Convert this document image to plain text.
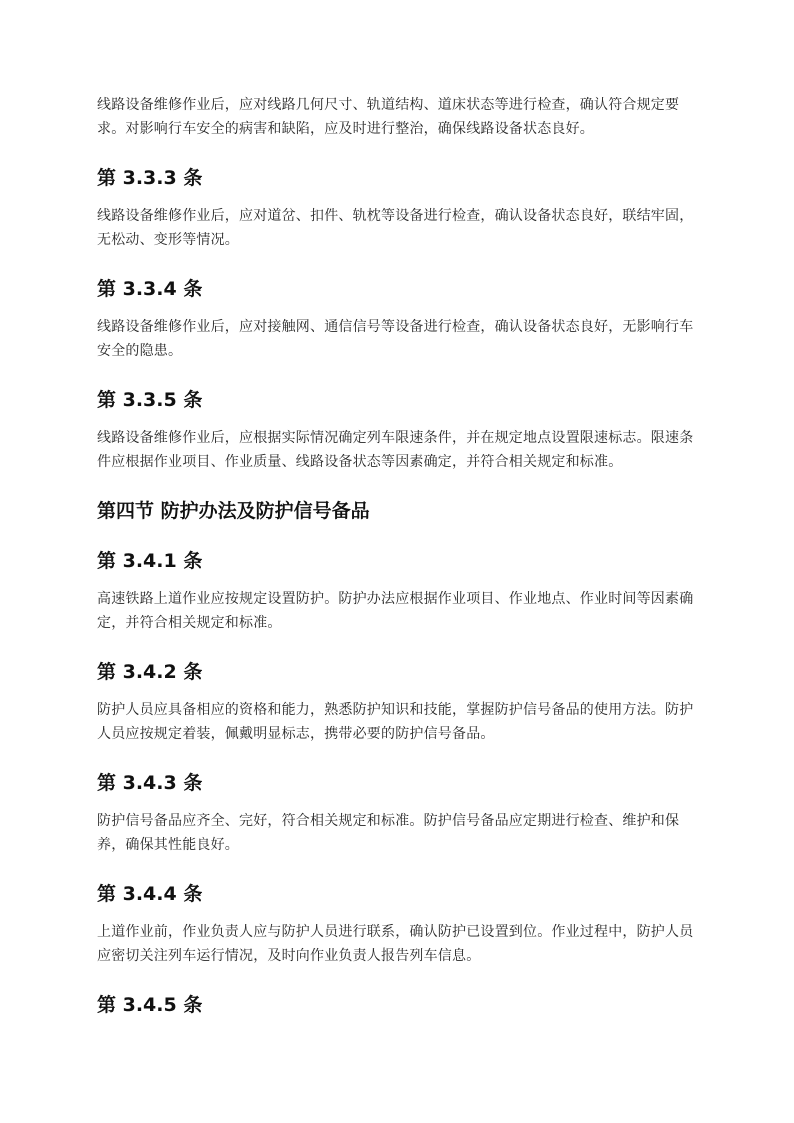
线路设备维修作业后，应对线路几何尺寸、轨道结构、道床状态等进行检查，确认符合规定要求。对影响行车安全的病害和缺陷，应及时进行整治，确保线路设备状态良好。

第 3.3.3 条

线路设备维修作业后，应对道岔、扣件、轨枕等设备进行检查，确认设备状态良好，联结牢固，无松动、变形等情况。

第 3.3.4 条

线路设备维修作业后，应对接触网、通信信号等设备进行检查，确认设备状态良好，无影响行车安全的隐患。

第 3.3.5 条

线路设备维修作业后，应根据实际情况确定列车限速条件，并在规定地点设置限速标志。限速条件应根据作业项目、作业质量、线路设备状态等因素确定，并符合相关规定和标准。

第四节 防护办法及防护信号备品
第 3.4.1 条

高速铁路上道作业应按规定设置防护。防护办法应根据作业项目、作业地点、作业时间等因素确定，并符合相关规定和标准。

第 3.4.2 条

防护人员应具备相应的资格和能力，熟悉防护知识和技能，掌握防护信号备品的使用方法。防护人员应按规定着装，佩戴明显标志，携带必要的防护信号备品。

第 3.4.3 条

防护信号备品应齐全、完好，符合相关规定和标准。防护信号备品应定期进行检查、维护和保养，确保其性能良好。

第 3.4.4 条

上道作业前，作业负责人应与防护人员进行联系，确认防护已设置到位。作业过程中，防护人员应密切关注列车运行情况，及时向作业负责人报告列车信息。

第 3.4.5 条
